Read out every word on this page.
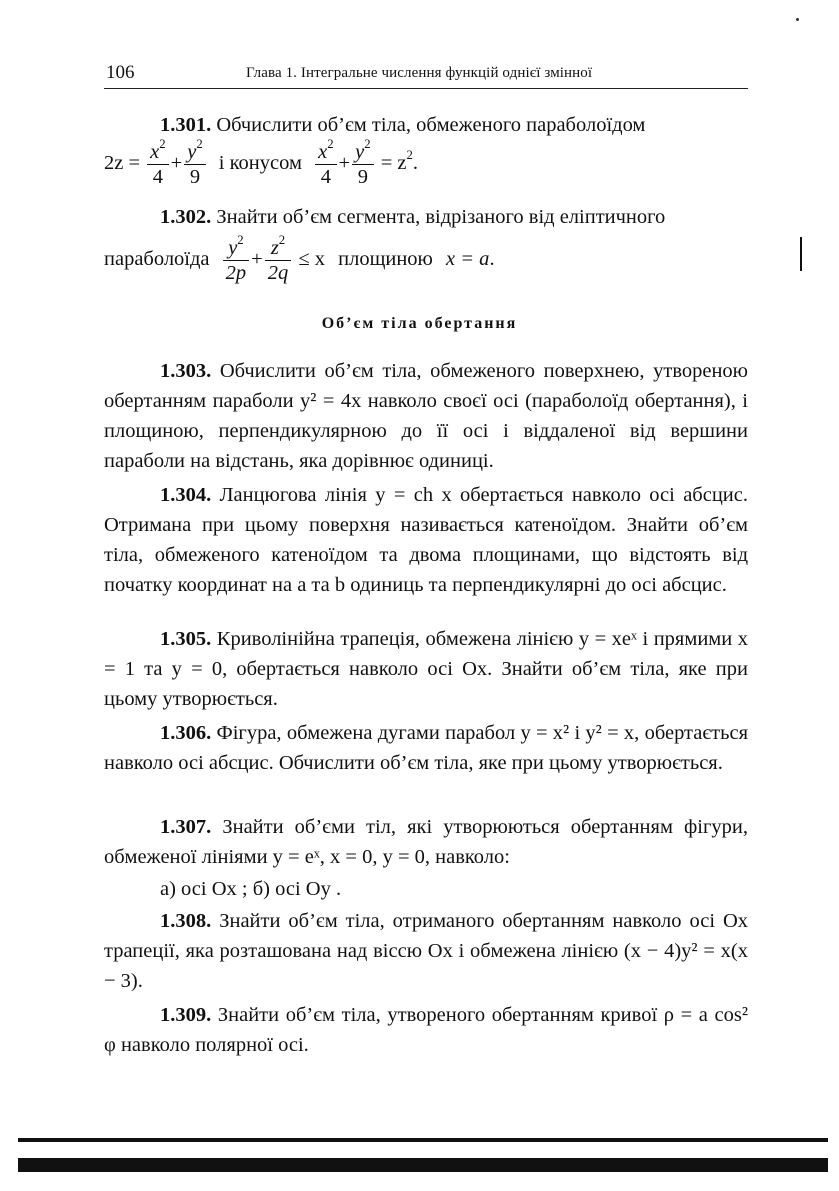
106	Глава 1. Інтегральне числення функцій однієї змінної
1.301. Обчислити об’єм тіла, обмеженого параболоїдом
$2z = \frac{x^2}{4} + \frac{y^2}{9}$ і конусом $\frac{x^2}{4} + \frac{y^2}{9} = z^2$.
1.302. Знайти об’єм сегмента, відрізаного від еліптичного
параболоїда $\frac{y^2}{2p} + \frac{z^2}{2q} \le x$ площиною x = a.
Об’єм тіла обертання
1.303. Обчислити об’єм тіла, обмеженого поверхнею, утвореною обертанням параболи y² = 4x навколо своєї осі (параболоїд обертання), і площиною, перпендикулярною до її осі і віддаленої від вершини параболи на відстань, яка дорівнює одиниці.
1.304. Ланцюгова лінія y = ch x обертається навколо осі абсцис. Отримана при цьому поверхня називається катеноїдом. Знайти об’єм тіла, обмеженого катеноїдом та двома площинами, що відстоять від початку координат на a та b одиниць та перпендикулярні до осі абсцис.
1.305. Криволінійна трапеція, обмежена лінією y = xeˣ і прямими x = 1 та y = 0, обертається навколо осі Ox. Знайти об’єм тіла, яке при цьому утворюється.
1.306. Фігура, обмежена дугами парабол y = x² і y² = x, обертається навколо осі абсцис. Обчислити об’єм тіла, яке при цьому утворюється.
1.307. Знайти об’єми тіл, які утворюються обертанням фігури, обмеженої лініями y = eˣ, x = 0, y = 0, навколо:
а) осі Ox ; б) осі Oy .
1.308. Знайти об’єм тіла, отриманого обертанням навколо осі Ox трапеції, яка розташована над віссю Ox і обмежена лінією (x − 4)y² = x(x − 3).
1.309. Знайти об’єм тіла, утвореного обертанням кривої ρ = a cos² φ навколо полярної осі.
